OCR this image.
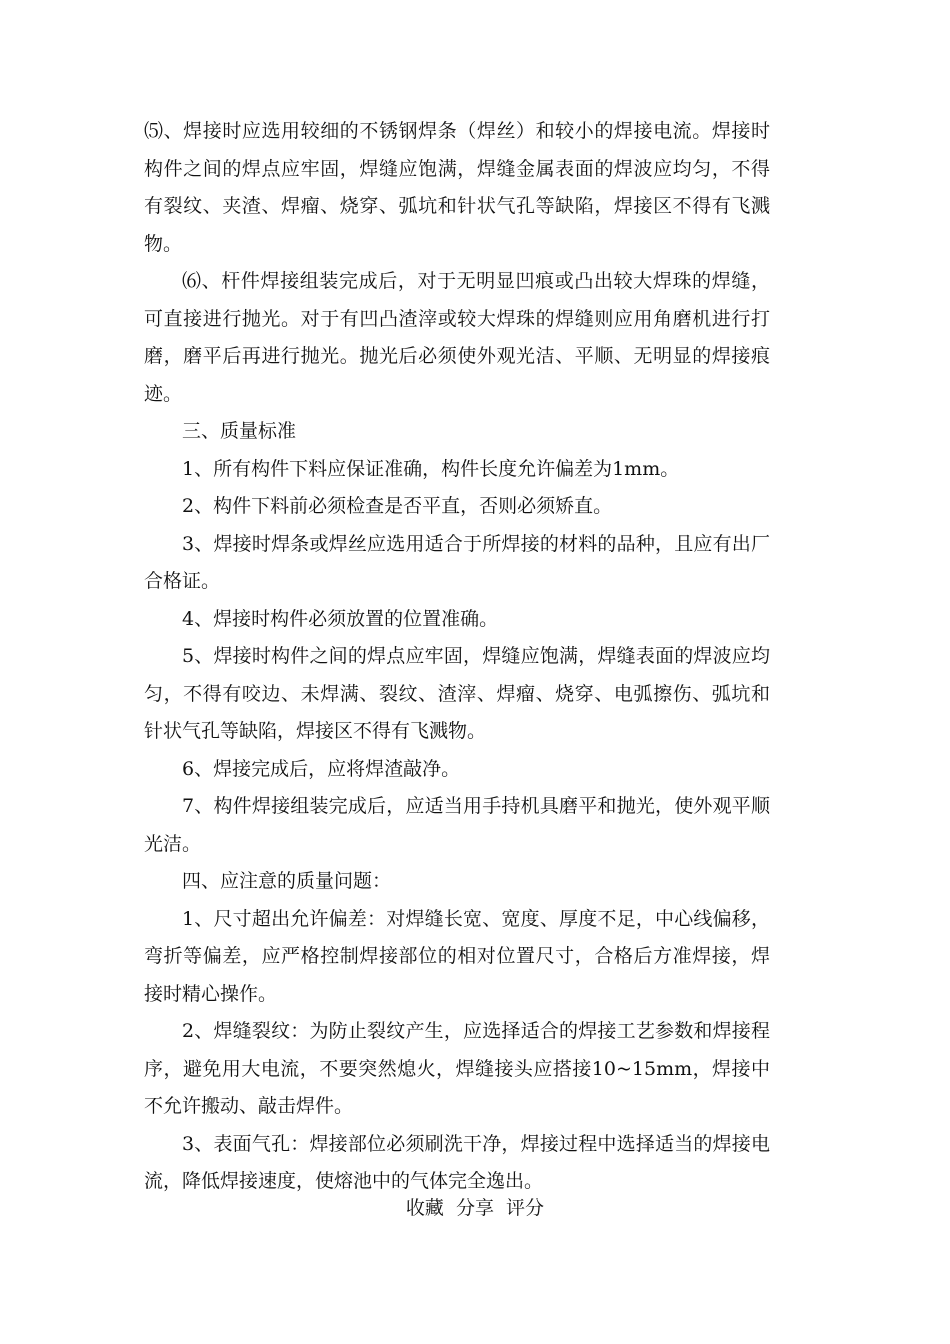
⑸、焊接时应选用较细的不锈钢焊条（焊丝）和较小的焊接电流。焊接时构件之间的焊点应牢固，焊缝应饱满，焊缝金属表面的焊波应均匀，不得有裂纹、夹渣、焊瘤、烧穿、弧坑和针状气孔等缺陷，焊接区不得有飞溅物。

⑹、杆件焊接组装完成后，对于无明显凹痕或凸出较大焊珠的焊缝，可直接进行抛光。对于有凹凸渣滓或较大焊珠的焊缝则应用角磨机进行打磨，磨平后再进行抛光。抛光后必须使外观光洁、平顺、无明显的焊接痕迹。

三、质量标准

1、所有构件下料应保证准确，构件长度允许偏差为1mm。

2、构件下料前必须检查是否平直，否则必须矫直。

3、焊接时焊条或焊丝应选用适合于所焊接的材料的品种，且应有出厂合格证。

4、焊接时构件必须放置的位置准确。

5、焊接时构件之间的焊点应牢固，焊缝应饱满，焊缝表面的焊波应均匀，不得有咬边、未焊满、裂纹、渣滓、焊瘤、烧穿、电弧擦伤、弧坑和针状气孔等缺陷，焊接区不得有飞溅物。

6、焊接完成后，应将焊渣敲净。

7、构件焊接组装完成后，应适当用手持机具磨平和抛光，使外观平顺光洁。

四、应注意的质量问题：

1、尺寸超出允许偏差：对焊缝长宽、宽度、厚度不足，中心线偏移，弯折等偏差，应严格控制焊接部位的相对位置尺寸，合格后方准焊接，焊接时精心操作。

2、焊缝裂纹：为防止裂纹产生，应选择适合的焊接工艺参数和焊接程序，避免用大电流，不要突然熄火，焊缝接头应搭接10~15mm，焊接中不允许搬动、敲击焊件。

3、表面气孔：焊接部位必须刷洗干净，焊接过程中选择适当的焊接电流，降低焊接速度，使熔池中的气体完全逸出。

收藏 分享 评分
